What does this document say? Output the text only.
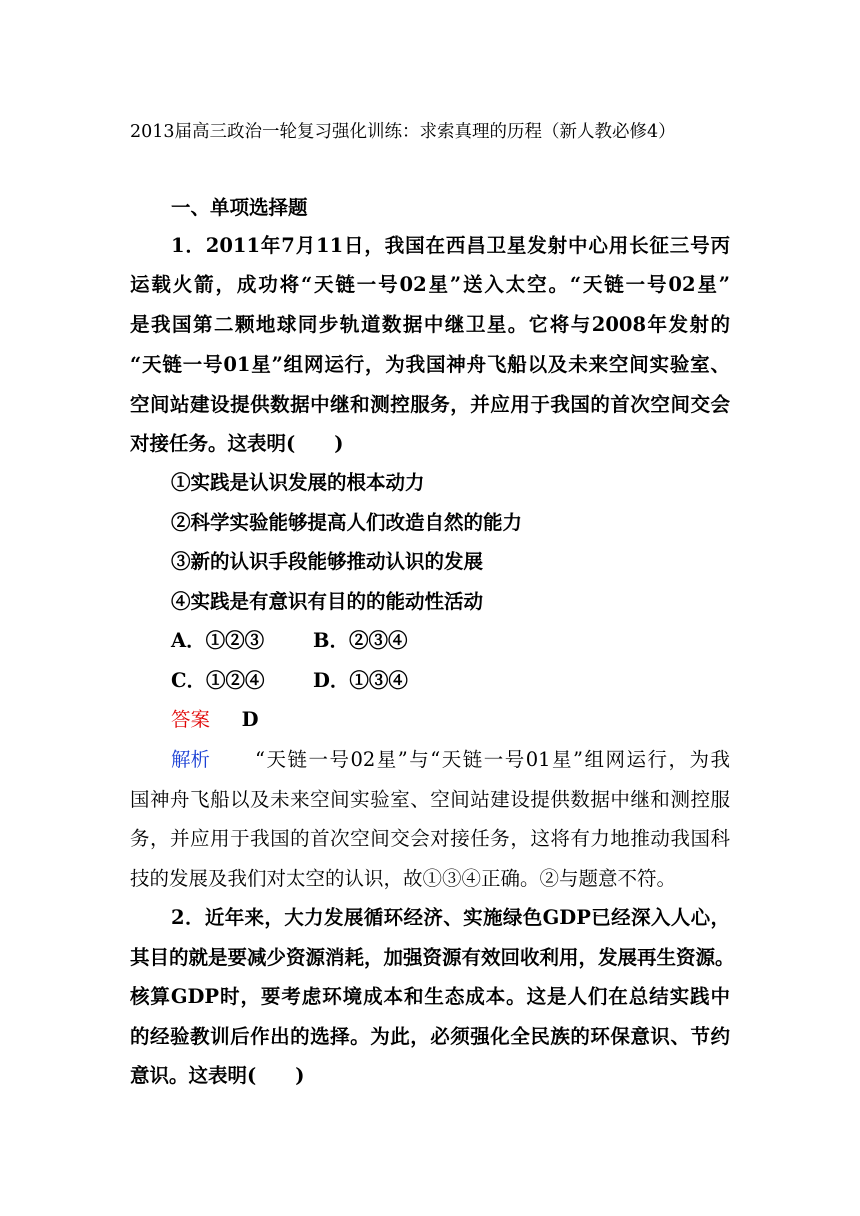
2013届高三政治一轮复习强化训练：求索真理的历程（新人教必修4）
一、单项选择题
1．2011年7月11日，我国在西昌卫星发射中心用长征三号丙
运载火箭，成功将“天链一号02星”送入太空。“天链一号02星”
是我国第二颗地球同步轨道数据中继卫星。它将与2008年发射的
“天链一号01星”组网运行，为我国神舟飞船以及未来空间实验室、
空间站建设提供数据中继和测控服务，并应用于我国的首次空间交会
对接任务。这表明(　　)
①实践是认识发展的根本动力
②科学实验能够提高人们改造自然的能力
③新的认识手段能够推动认识的发展
④实践是有意识有目的的能动性活动
A．①②③	B．②③④
C．①②④ D．①③④
答案 D
解析 “天链一号02星”与“天链一号01星”组网运行，为我
国神舟飞船以及未来空间实验室、空间站建设提供数据中继和测控服
务，并应用于我国的首次空间交会对接任务，这将有力地推动我国科
技的发展及我们对太空的认识，故①③④正确。②与题意不符。
2．近年来，大力发展循环经济、实施绿色GDP已经深入人心，
其目的就是要减少资源消耗，加强资源有效回收利用，发展再生资源。
核算GDP时，要考虑环境成本和生态成本。这是人们在总结实践中
的经验教训后作出的选择。为此，必须强化全民族的环保意识、节约
意识。这表明(　　)
